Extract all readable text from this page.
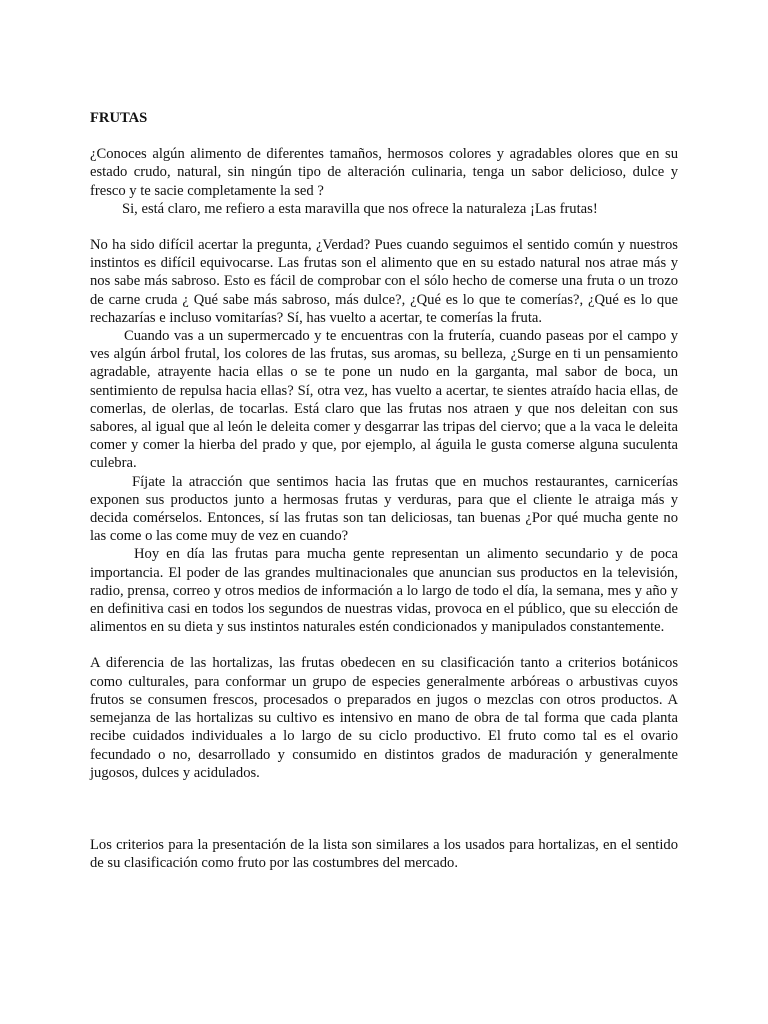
FRUTAS

¿Conoces algún alimento de diferentes tamaños, hermosos colores y agradables olores que en su estado crudo, natural, sin ningún tipo de alteración culinaria, tenga un sabor delicioso, dulce y fresco y te sacie completamente la sed ?

Si, está claro, me refiero a esta maravilla que nos ofrece la naturaleza ¡Las frutas!

No ha sido difícil acertar la pregunta, ¿Verdad? Pues cuando seguimos el sentido común y nuestros instintos es difícil equivocarse. Las frutas son el alimento que en su estado natural nos atrae más y nos sabe más sabroso. Esto es fácil de comprobar con el sólo hecho de comerse una fruta o un trozo de carne cruda ¿ Qué sabe más sabroso, más dulce?, ¿Qué es lo que te comerías?, ¿Qué es lo que rechazarías e incluso vomitarías? Sí, has vuelto a acertar, te comerías la fruta.

Cuando vas a un supermercado y te encuentras con la frutería, cuando paseas por el campo y ves algún árbol frutal, los colores de las frutas, sus aromas, su belleza, ¿Surge en ti un pensamiento agradable, atrayente hacia ellas o se te pone un nudo en la garganta, mal sabor de boca, un sentimiento de repulsa hacia ellas? Sí, otra vez, has vuelto a acertar, te sientes atraído hacia ellas, de comerlas, de olerlas, de tocarlas. Está claro que las frutas nos atraen y que nos deleitan con sus sabores, al igual que al león le deleita comer y desgarrar las tripas del ciervo; que a la vaca le deleita comer y comer la hierba del prado y que, por ejemplo, al águila le gusta comerse alguna suculenta culebra.

Fíjate la atracción que sentimos hacia las frutas que en muchos restaurantes, carnicerías exponen sus productos junto a hermosas frutas y verduras, para que el cliente le atraiga más y decida comérselos. Entonces, sí las frutas son tan deliciosas, tan buenas ¿Por qué mucha gente no las come o las come muy de vez en cuando?

Hoy en día las frutas para mucha gente representan un alimento secundario y de poca importancia. El poder de las grandes multinacionales que anuncian sus productos en la televisión, radio, prensa, correo y otros medios de información a lo largo de todo el día, la semana, mes y año y en definitiva casi en todos los segundos de nuestras vidas, provoca en el público, que su elección de alimentos en su dieta y sus instintos naturales estén condicionados y manipulados constantemente.

A diferencia de las hortalizas, las frutas obedecen en su clasificación tanto a criterios botánicos como culturales, para conformar un grupo de especies generalmente arbóreas o arbustivas cuyos frutos se consumen frescos, procesados o preparados en jugos o mezclas con otros productos. A semejanza de las hortalizas su cultivo es intensivo en mano de obra de tal forma que cada planta recibe cuidados individuales a lo largo de su ciclo productivo. El fruto como tal es el ovario fecundado o no, desarrollado y consumido en distintos grados de maduración y generalmente jugosos, dulces y acidulados.

Los criterios para la presentación de la lista son similares a los usados para hortalizas, en el sentido de su clasificación como fruto por las costumbres del mercado.
